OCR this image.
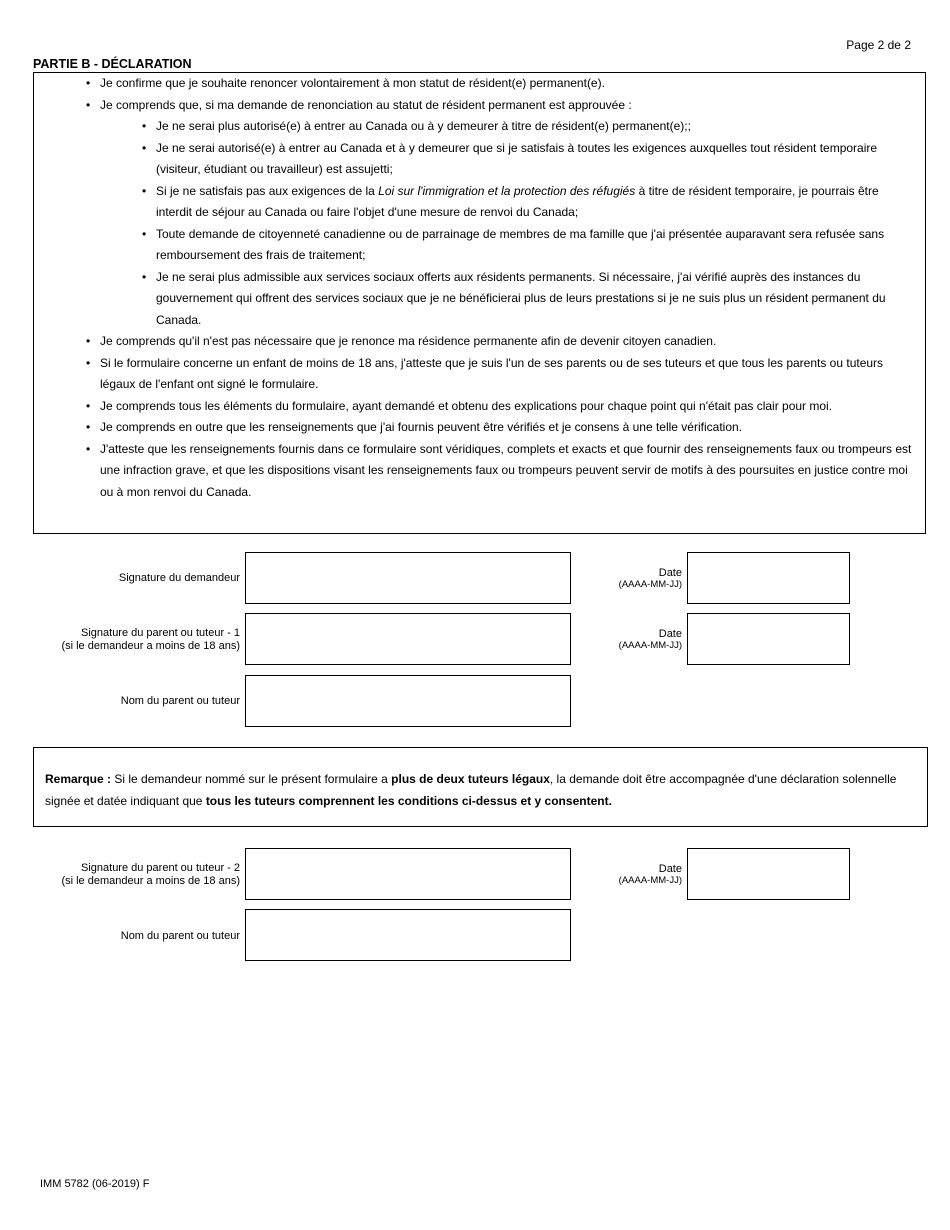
Page 2 de 2
PARTIE B - DÉCLARATION
• Je confirme que je souhaite renoncer volontairement à mon statut de résident(e) permanent(e).
• Je comprends que, si ma demande de renonciation au statut de résident permanent est approuvée :
• Je ne serai plus autorisé(e) à entrer au Canada ou à y demeurer à titre de résident(e) permanent(e);;
• Je ne serai autorisé(e) à entrer au Canada et à y demeurer que si je satisfais à toutes les exigences auxquelles tout résident temporaire (visiteur, étudiant ou travailleur) est assujetti;
• Si je ne satisfais pas aux exigences de la Loi sur l'immigration et la protection des réfugiés à titre de résident temporaire, je pourrais être interdit de séjour au Canada ou faire l'objet d'une mesure de renvoi du Canada;
• Toute demande de citoyenneté canadienne ou de parrainage de membres de ma famille que j'ai présentée auparavant sera refusée sans remboursement des frais de traitement;
• Je ne serai plus admissible aux services sociaux offerts aux résidents permanents. Si nécessaire, j'ai vérifié auprès des instances du gouvernement qui offrent des services sociaux que je ne bénéficierai plus de leurs prestations si je ne suis plus un résident permanent du Canada.
• Je comprends qu'il n'est pas nécessaire que je renonce ma résidence permanente afin de devenir citoyen canadien.
• Si le formulaire concerne un enfant de moins de 18 ans, j'atteste que je suis l'un de ses parents ou de ses tuteurs et que tous les parents ou tuteurs légaux de l'enfant ont signé le formulaire.
• Je comprends tous les éléments du formulaire, ayant demandé et obtenu des explications pour chaque point qui n'était pas clair pour moi.
• Je comprends en outre que les renseignements que j'ai fournis peuvent être vérifiés et je consens à une telle vérification.
• J'atteste que les renseignements fournis dans ce formulaire sont véridiques, complets et exacts et que fournir des renseignements faux ou trompeurs est une infraction grave, et que les dispositions visant les renseignements faux ou trompeurs peuvent servir de motifs à des poursuites en justice contre moi ou à mon renvoi du Canada.
Signature du demandeur	Date
(AAAA-MM-JJ)
Signature du parent ou tuteur - 1
(si le demandeur a moins de 18 ans)
Date
(AAAA-MM-JJ)
Nom du parent ou tuteur
Remarque : Si le demandeur nommé sur le présent formulaire a plus de deux tuteurs légaux, la demande doit être accompagnée d'une déclaration solennelle signée et datée indiquant que tous les tuteurs comprennent les conditions ci-dessus et y consentent.
Signature du parent ou tuteur - 2
(si le demandeur a moins de 18 ans)
Date
(AAAA-MM-JJ)
Nom du parent ou tuteur
IMM 5782 (06-2019) F
